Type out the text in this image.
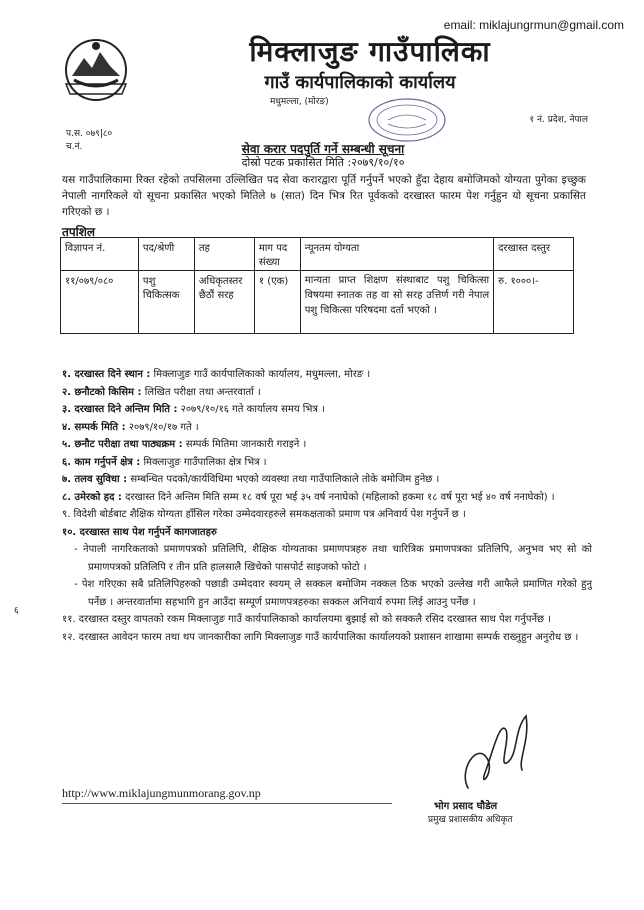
email: miklajungrmun@gmail.com
मिक्लाजुङ गाउँपालिका
गाउँ कार्यपालिकाको कार्यालय
मधुमल्ला, (मोरङ)
१ नं. प्रदेश, नेपाल
प.स. ०७९|८०
च.नं.	सेवा करार पदपुर्ति गर्ने सम्बन्धी सूचना
दोस्रो पटक प्रकासित मिति :२०७९/१०/१०
यस गाउँपालिकामा रिक्त रहेको तपसिलमा उल्लिखित पद सेवा करारद्वारा पूर्ति गर्नुपर्ने भएको हुँदा देहाय बमोजिमको योग्यता पुगेका इच्छुक नेपाली नागरिकले यो सूचना प्रकासित भएको मितिले ७ (सात) दिन भित्र रित पूर्वकको दरखास्त फारम पेश गर्नुहुन यो सूचना प्रकासित गरिएको छ ।
तपशिल
विज्ञापन नं.	पद/श्रेणी	तह	माग पद संख्या	न्यूनतम योग्यता	दरखास्त दस्तुर
११/०७९/०८०	पशु चिकित्सक	अधिकृतस्तर छैठौं सरह	१ (एक)	मान्यता प्राप्त शिक्षण संस्थाबाट पशु चिकित्सा विषयमा स्नातक तह वा सो सरह उत्तिर्ण गरी नेपाल पशु चिकित्सा परिषदमा दर्ता भएको ।	रु. १०००।-
१. दरखास्त दिने स्थान : मिक्लाजुङ गाउँ कार्यपालिकाको कार्यालय, मधुमल्ला, मोरङ ।
२. छनौटको किसिम : लिखित परीक्षा तथा अन्तरवार्ता ।
३. दरखास्त दिने अन्तिम मिति : २०७९/१०/१६ गते कार्यालय समय भित्र ।
४. सम्पर्क मिति : २०७९/१०/१७ गते ।
५. छनौट परीक्षा तथा पाठ्यक्रम : सम्पर्क मितिमा जानकारी गराइने ।
६. काम गर्नुपर्ने क्षेत्र : मिक्लाजुङ गाउँपालिका क्षेत्र भित्र ।
७. तलव सुविधा : सम्बन्धित पदको/कार्यविधिमा भएको व्यवस्था तथा गाउँपालिकाले तोके बमोजिम हुनेछ ।
८. उमेरको हद : दरखास्त दिने अन्तिम मिति सम्म १८ वर्ष पूरा भई ३५ वर्ष ननाघेको (महिलाको हकमा १८ वर्ष पूरा भई ४० वर्ष ननाघेको) ।
९. विदेशी बोर्डबाट शैक्षिक योग्यता हाँसिल गरेका उम्मेदवारहरुले समकक्षताको प्रमाण पत्र अनिवार्य पेश गर्नुपर्ने छ ।
१०. दरखास्त साथ पेश गर्नुपर्ने कागजातहरु
- नेपाली नागरिकताको प्रमाणपत्रको प्रतिलिपि, शैक्षिक योग्यताका प्रमाणपत्रहरु तथा चारित्रिक प्रमाणपत्रका प्रतिलिपि, अनुभव भए सो को प्रमाणपत्रको प्रतिलिपि र तीन प्रति हालसालै खिचेको पासपोर्ट साइजको फोटो ।
- पेश गरिएका सबै प्रतिलिपिहरुको पछाडी उम्मेदवार स्वयम् ले सक्कल बमोजिम नक्कल ठिक भएको उल्लेख गरी आफैले प्रमाणित गरेको हुनु पर्नेछ । अन्तरवार्तामा सहभागि हुन आउँदा सम्पूर्ण प्रमाणपत्रहरुका सक्कल अनिवार्य रुपमा लिई आउनु पर्नेछ ।
११. दरखास्त दस्तुर वापतको रकम मिक्लाजुङ गाउँ कार्यपालिकाको कार्यालयमा बुझाई सो को सक्कलै रसिद दरखास्त साथ पेश गर्नुपर्नेछ ।
१२. दरखास्त आवेदन फारम तथा थप जानकारीका लागि मिक्लाजुङ गाउँ कार्यपालिका कार्यालयको प्रशासन शाखामा सम्पर्क राख्नुहुन अनुरोध छ ।
६
http://www.miklajungmunmorang.gov.np
भोग प्रसाद घौडेल
प्रमुख प्रशासकीय अधिकृत
